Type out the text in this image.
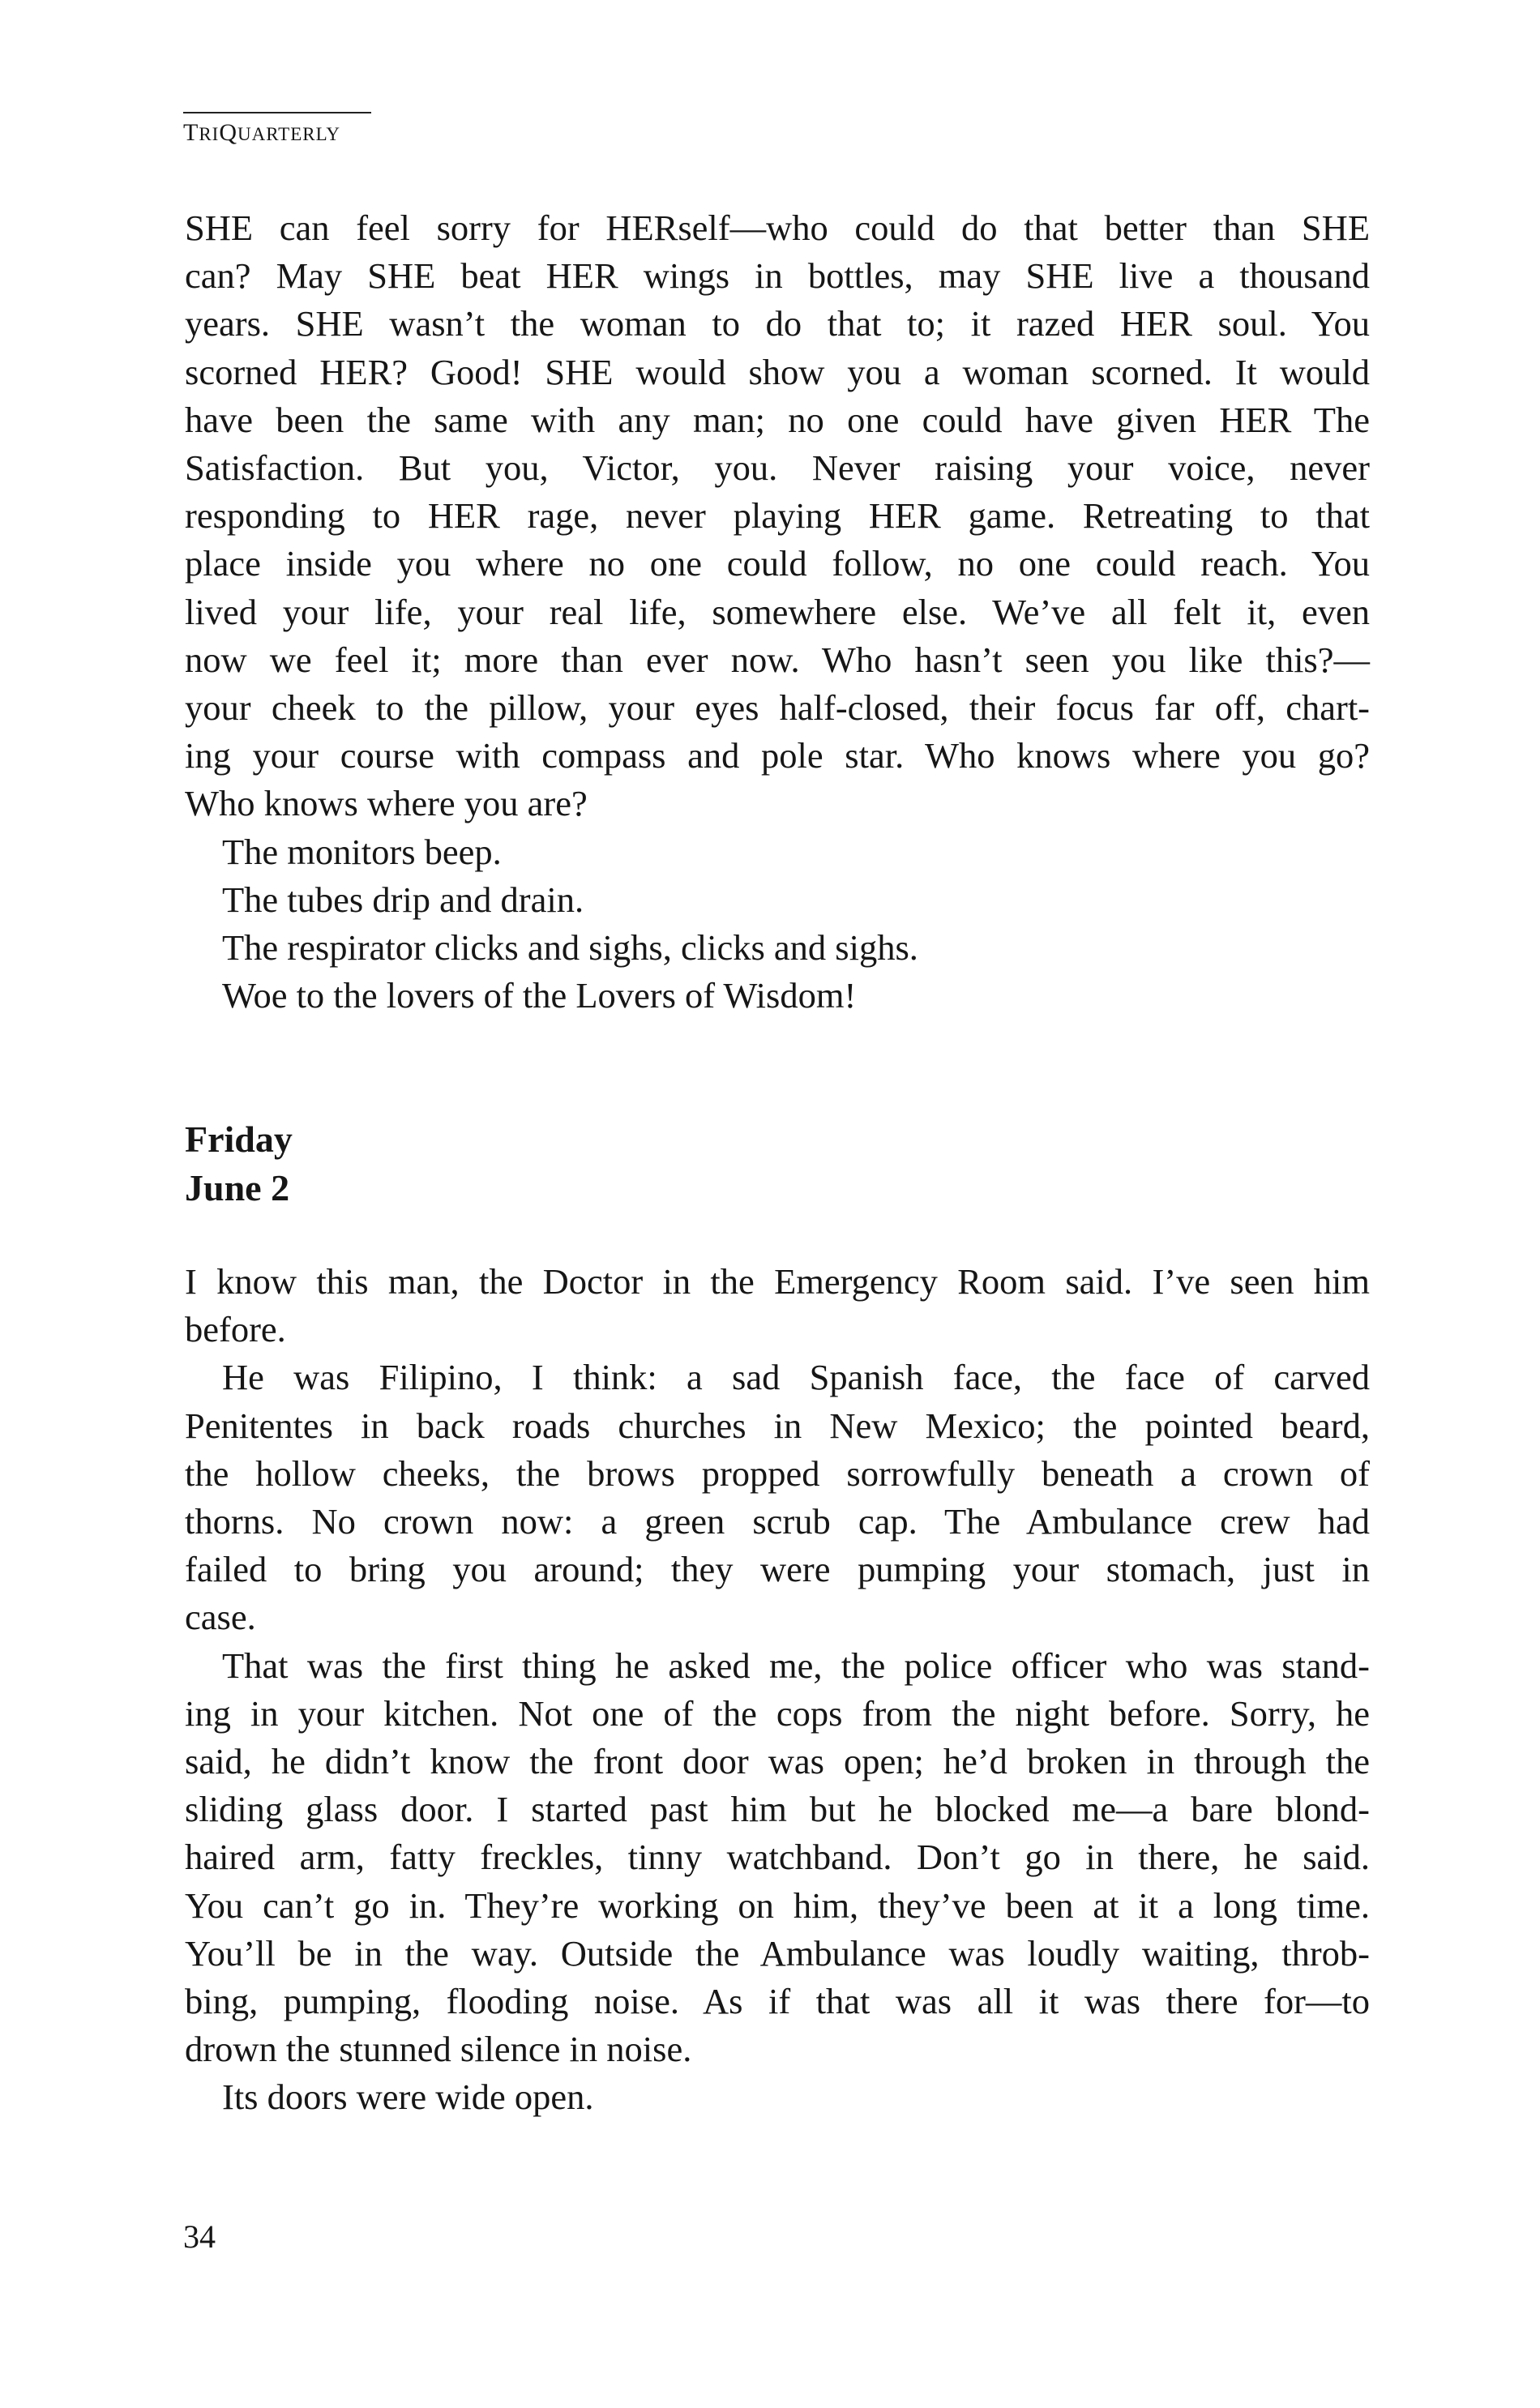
TRIQUARTERLY
SHE can feel sorry for HERself—who could do that better than SHE
can? May SHE beat HER wings in bottles, may SHE live a thousand
years. SHE wasn’t the woman to do that to; it razed HER soul. You
scorned HER? Good! SHE would show you a woman scorned. It would
have been the same with any man; no one could have given HER The
Satisfaction. But you, Victor, you. Never raising your voice, never
responding to HER rage, never playing HER game. Retreating to that
place inside you where no one could follow, no one could reach. You
lived your life, your real life, somewhere else. We’ve all felt it, even
now we feel it; more than ever now. Who hasn’t seen you like this?—
your cheek to the pillow, your eyes half-closed, their focus far off, chart-
ing your course with compass and pole star. Who knows where you go?
Who knows where you are?
The monitors beep.
The tubes drip and drain.
The respirator clicks and sighs, clicks and sighs.
Woe to the lovers of the Lovers of Wisdom!
Friday
June 2
I know this man, the Doctor in the Emergency Room said. I’ve seen him
before.
He was Filipino, I think: a sad Spanish face, the face of carved
Penitentes in back roads churches in New Mexico; the pointed beard,
the hollow cheeks, the brows propped sorrowfully beneath a crown of
thorns. No crown now: a green scrub cap. The Ambulance crew had
failed to bring you around; they were pumping your stomach, just in
case.
That was the first thing he asked me, the police officer who was stand-
ing in your kitchen. Not one of the cops from the night before. Sorry, he
said, he didn’t know the front door was open; he’d broken in through the
sliding glass door. I started past him but he blocked me—a bare blond-
haired arm, fatty freckles, tinny watchband. Don’t go in there, he said.
You can’t go in. They’re working on him, they’ve been at it a long time.
You’ll be in the way. Outside the Ambulance was loudly waiting, throb-
bing, pumping, flooding noise. As if that was all it was there for—to
drown the stunned silence in noise.
Its doors were wide open.
34
